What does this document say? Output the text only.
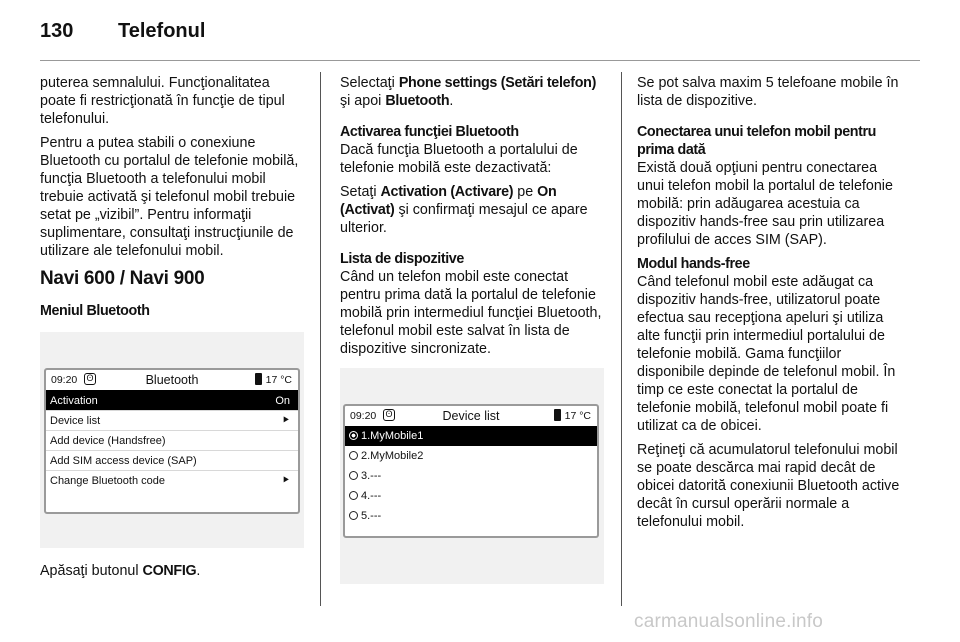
130 Telefonul

puterea semnalului. Funcţionalitatea poate fi restricţionată în funcţie de tipul telefonului.

Pentru a putea stabili o conexiune Bluetooth cu portalul de telefonie mobilă, funcţia Bluetooth a telefonului mobil trebuie activată şi telefonul mobil trebuie setat pe „vizibil”. Pentru informaţii suplimentare, consultaţi instrucţiunile de utilizare ale telefonului mobil.

Navi 600 / Navi 900
Meniul Bluetooth
Bluetooth
09:20 ʘ	17 °C
Activation	On
Device list	⯈
Add device (Handsfree)
Add SIM access device (SAP)
Change Bluetooth code	⯈

Apăsaţi butonul CONFIG.

Selectaţi Phone settings (Setări telefon) şi apoi Bluetooth.

Activarea funcţiei Bluetooth

Dacă funcţia Bluetooth a portalului de telefonie mobilă este dezactivată:

Setaţi Activation (Activare) pe On (Activat) şi confirmaţi mesajul ce apare ulterior.

Lista de dispozitive

Când un telefon mobil este conectat pentru prima dată la portalul de telefonie mobilă prin intermediul funcţiei Bluetooth, telefonul mobil este salvat în lista de dispozitive sincronizate.

Device list
09:20 ʘ	17 °C
1.MyMobile1
2.MyMobile2
3.---
4.---
5.---

Se pot salva maxim 5 telefoane mobile în lista de dispozitive.

Conectarea unui telefon mobil pentru prima dată

Există două opţiuni pentru conectarea unui telefon mobil la portalul de telefonie mobilă: prin adăugarea acestuia ca dispozitiv hands-free sau prin utilizarea profilului de acces SIM (SAP).

Modul hands-free

Când telefonul mobil este adăugat ca dispozitiv hands-free, utilizatorul poate efectua sau recepţiona apeluri şi utiliza alte funcţii prin intermediul portalului de telefonie mobilă. Gama funcţiilor disponibile depinde de telefonul mobil. În timp ce este conectat la portalul de telefonie mobilă, telefonul mobil poate fi utilizat ca de obicei.

Reţineţi că acumulatorul telefonului mobil se poate descărca mai rapid decât de obicei datorită conexiunii Bluetooth active decât în cursul operării normale a telefonului mobil.

carmanualsonline.info
